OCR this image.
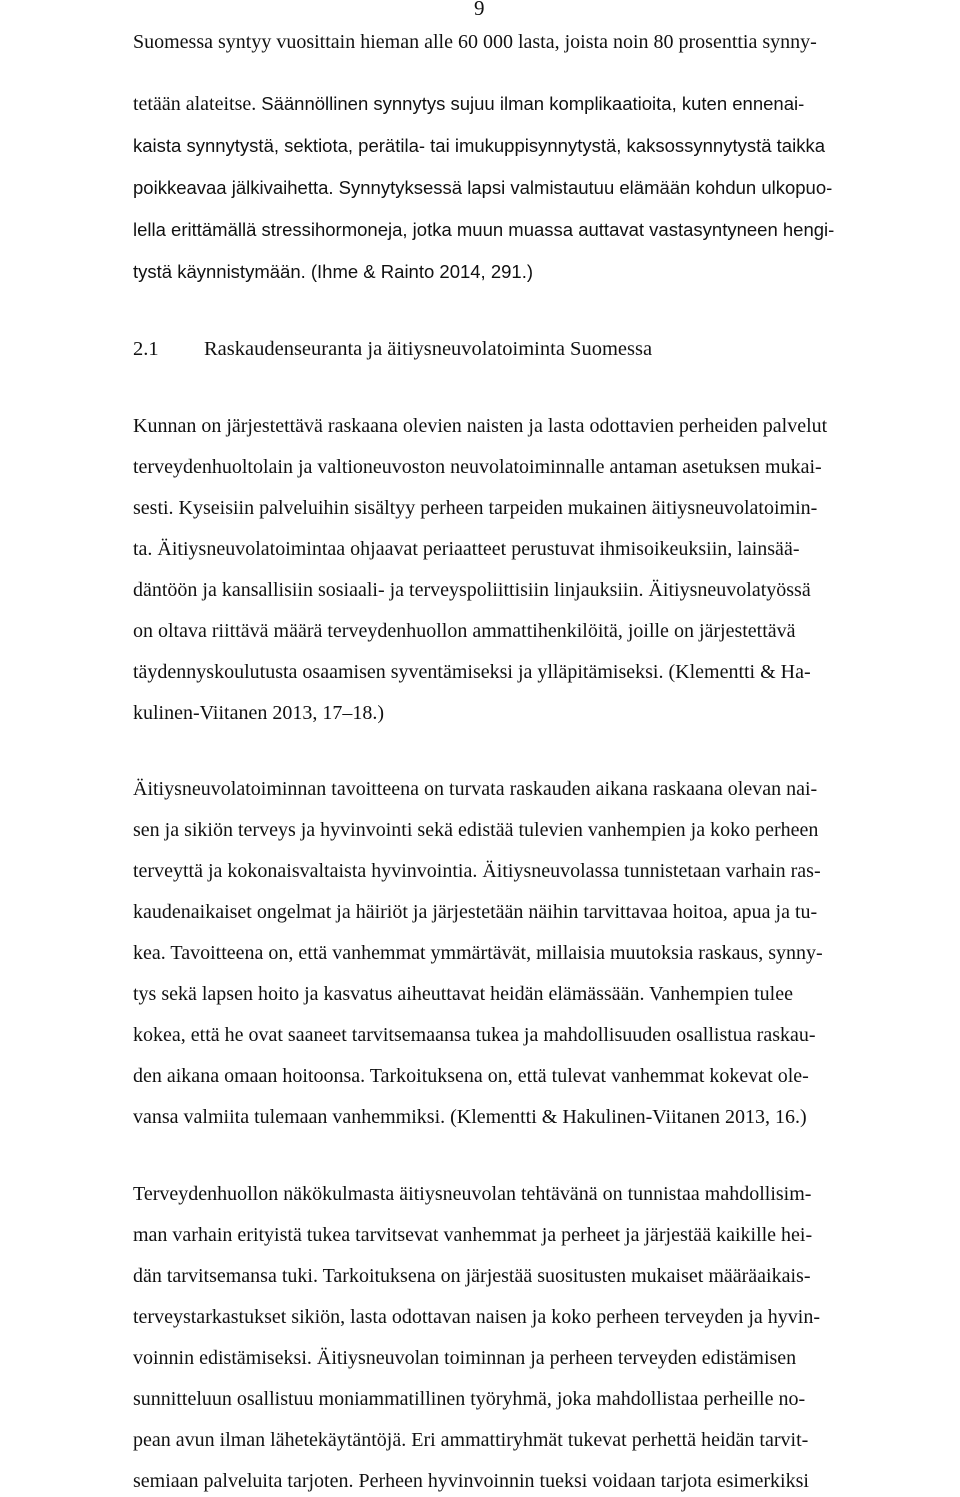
9
Suomessa syntyy vuosittain hieman alle 60 000 lasta, joista noin 80 prosenttia synny-
tetään alateitse. Säännöllinen synnytys sujuu ilman komplikaatioita, kuten ennenai-
kaista synnytystä, sektiota, perätila- tai imukuppisynnytystä, kaksossynnytystä taikka
poikkeavaa jälkivaihetta. Synnytyksessä lapsi valmistautuu elämään kohdun ulkopuo-
lella erittämällä stressihormoneja, jotka muun muassa auttavat vastasyntyneen hengi-
tystä käynnistymään. (Ihme & Rainto 2014, 291.)
2.1 Raskaudenseuranta ja äitiysneuvolatoiminta Suomessa
Kunnan on järjestettävä raskaana olevien naisten ja lasta odottavien perheiden palvelut
terveydenhuoltolain ja valtioneuvoston neuvolatoiminnalle antaman asetuksen mukai-
sesti. Kyseisiin palveluihin sisältyy perheen tarpeiden mukainen äitiysneuvolatoimin-
ta. Äitiysneuvolatoimintaa ohjaavat periaatteet perustuvat ihmisoikeuksiin, lainsää-
däntöön ja kansallisiin sosiaali- ja terveyspoliittisiin linjauksiin. Äitiysneuvolatyössä
on oltava riittävä määrä terveydenhuollon ammattihenkilöitä, joille on järjestettävä
täydennyskoulutusta osaamisen syventämiseksi ja ylläpitämiseksi. (Klementti & Ha-
kulinen-Viitanen 2013, 17–18.)
Äitiysneuvolatoiminnan tavoitteena on turvata raskauden aikana raskaana olevan nai-
sen ja sikiön terveys ja hyvinvointi sekä edistää tulevien vanhempien ja koko perheen
terveyttä ja kokonaisvaltaista hyvinvointia. Äitiysneuvolassa tunnistetaan varhain ras-
kaudenaikaiset ongelmat ja häiriöt ja järjestetään näihin tarvittavaa hoitoa, apua ja tu-
kea. Tavoitteena on, että vanhemmat ymmärtävät, millaisia muutoksia raskaus, synny-
tys sekä lapsen hoito ja kasvatus aiheuttavat heidän elämässään. Vanhempien tulee
kokea, että he ovat saaneet tarvitsemaansa tukea ja mahdollisuuden osallistua raskau-
den aikana omaan hoitoonsa. Tarkoituksena on, että tulevat vanhemmat kokevat ole-
vansa valmiita tulemaan vanhemmiksi. (Klementti & Hakulinen-Viitanen 2013, 16.)
Terveydenhuollon näkökulmasta äitiysneuvolan tehtävänä on tunnistaa mahdollisim-
man varhain erityistä tukea tarvitsevat vanhemmat ja perheet ja järjestää kaikille hei-
dän tarvitsemansa tuki. Tarkoituksena on järjestää suositusten mukaiset määräaikais-
terveystarkastukset sikiön, lasta odottavan naisen ja koko perheen terveyden ja hyvin-
voinnin edistämiseksi. Äitiysneuvolan toiminnan ja perheen terveyden edistämisen
sunnitteluun osallistuu moniammatillinen työryhmä, joka mahdollistaa perheille no-
pean avun ilman lähetekäytäntöjä. Eri ammattiryhmät tukevat perhettä heidän tarvit-
semiaan palveluita tarjoten. Perheen hyvinvoinnin tueksi voidaan tarjota esimerkiksi
